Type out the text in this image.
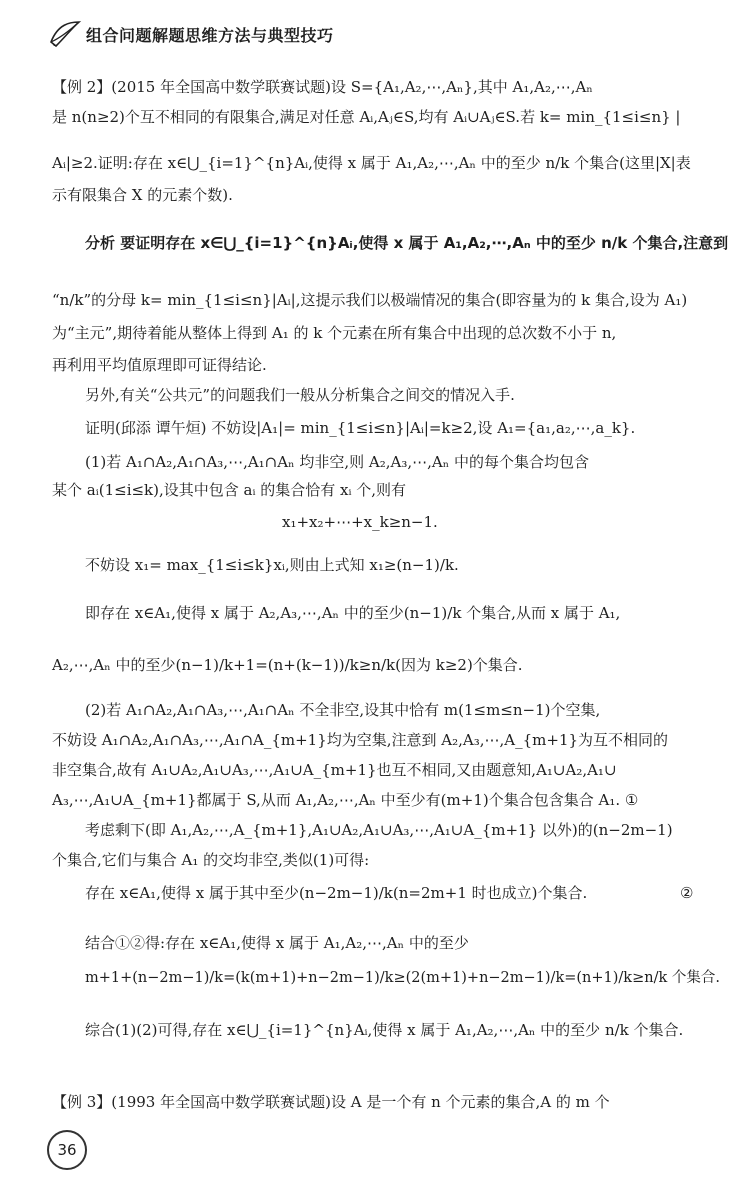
组合问题解题思维方法与典型技巧
【例 2】(2015 年全国高中数学联赛试题)设 S={A₁,A₂,⋯,Aₙ},其中 A₁,A₂,⋯,Aₙ
是 n(n≥2)个互不相同的有限集合,满足对任意 Aᵢ,Aⱼ∈S,均有 Aᵢ∪Aⱼ∈S.若 k= min_{1≤i≤n} |
Aᵢ|≥2.证明:存在 x∈⋃_{i=1}^{n}Aᵢ,使得 x 属于 A₁,A₂,⋯,Aₙ 中的至少 n/k 个集合(这里|X|表
示有限集合 X 的元素个数).
分析 要证明存在 x∈⋃_{i=1}^{n}Aᵢ,使得 x 属于 A₁,A₂,⋯,Aₙ 中的至少 n/k 个集合,注意到
“n/k”的分母 k= min_{1≤i≤n}|Aᵢ|,这提示我们以极端情况的集合(即容量为的 k 集合,设为 A₁)
为“主元”,期待着能从整体上得到 A₁ 的 k 个元素在所有集合中出现的总次数不小于 n,
再利用平均值原理即可证得结论.
另外,有关“公共元”的问题我们一般从分析集合之间交的情况入手.
证明(邱添 谭午烜) 不妨设|A₁|= min_{1≤i≤n}|Aᵢ|=k≥2,设 A₁={a₁,a₂,⋯,a_k}.
(1)若 A₁∩A₂,A₁∩A₃,⋯,A₁∩Aₙ 均非空,则 A₂,A₃,⋯,Aₙ 中的每个集合均包含
某个 aᵢ(1≤i≤k),设其中包含 aᵢ 的集合恰有 xᵢ 个,则有
x₁+x₂+⋯+x_k≥n−1.
不妨设 x₁= max_{1≤i≤k}xᵢ,则由上式知 x₁≥(n−1)/k.
即存在 x∈A₁,使得 x 属于 A₂,A₃,⋯,Aₙ 中的至少(n−1)/k 个集合,从而 x 属于 A₁,
A₂,⋯,Aₙ 中的至少(n−1)/k+1=(n+(k−1))/k≥n/k(因为 k≥2)个集合.
(2)若 A₁∩A₂,A₁∩A₃,⋯,A₁∩Aₙ 不全非空,设其中恰有 m(1≤m≤n−1)个空集,
不妨设 A₁∩A₂,A₁∩A₃,⋯,A₁∩A_{m+1}均为空集,注意到 A₂,A₃,⋯,A_{m+1}为互不相同的
非空集合,故有 A₁∪A₂,A₁∪A₃,⋯,A₁∪A_{m+1}也互不相同,又由题意知,A₁∪A₂,A₁∪
A₃,⋯,A₁∪A_{m+1}都属于 S,从而 A₁,A₂,⋯,Aₙ 中至少有(m+1)个集合包含集合 A₁. ①
考虑剩下(即 A₁,A₂,⋯,A_{m+1},A₁∪A₂,A₁∪A₃,⋯,A₁∪A_{m+1} 以外)的(n−2m−1)
个集合,它们与集合 A₁ 的交均非空,类似(1)可得:
存在 x∈A₁,使得 x 属于其中至少(n−2m−1)/k(n=2m+1 时也成立)个集合.	②
结合①②得:存在 x∈A₁,使得 x 属于 A₁,A₂,⋯,Aₙ 中的至少
m+1+(n−2m−1)/k=(k(m+1)+n−2m−1)/k≥(2(m+1)+n−2m−1)/k=(n+1)/k≥n/k 个集合.
综合(1)(2)可得,存在 x∈⋃_{i=1}^{n}Aᵢ,使得 x 属于 A₁,A₂,⋯,Aₙ 中的至少 n/k 个集合.
【例 3】(1993 年全国高中数学联赛试题)设 A 是一个有 n 个元素的集合,A 的 m 个
36
